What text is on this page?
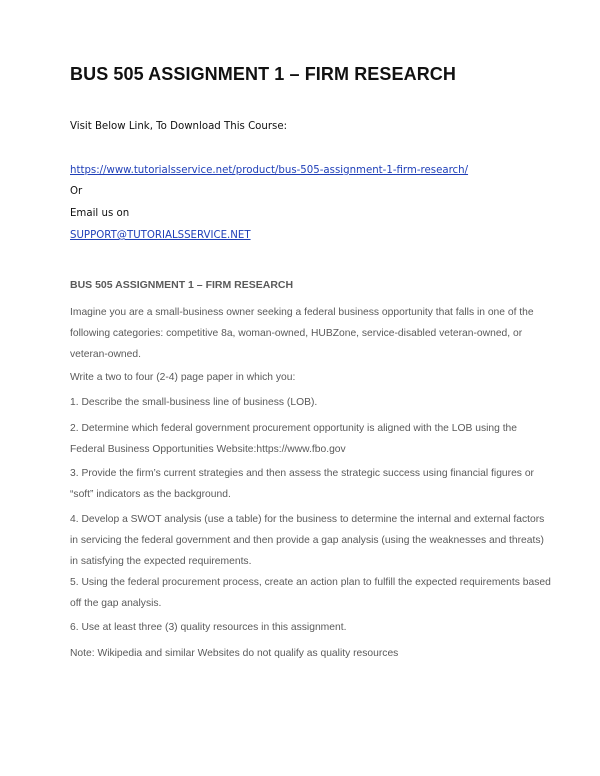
BUS 505 ASSIGNMENT 1 – FIRM RESEARCH
Visit Below Link, To Download This Course:
https://www.tutorialsservice.net/product/bus-505-assignment-1-firm-research/
Or
Email us on
SUPPORT@TUTORIALSSERVICE.NET
BUS 505 ASSIGNMENT 1 – FIRM RESEARCH
Imagine you are a small-business owner seeking a federal business opportunity that falls in one of the
following categories: competitive 8a, woman-owned, HUBZone, service-disabled veteran-owned, or
veteran-owned.
Write a two to four (2-4) page paper in which you:
1. Describe the small-business line of business (LOB).
2. Determine which federal government procurement opportunity is aligned with the LOB using the
Federal Business Opportunities Website:https://www.fbo.gov
3. Provide the firm’s current strategies and then assess the strategic success using financial figures or
“soft” indicators as the background.
4. Develop a SWOT analysis (use a table) for the business to determine the internal and external factors
in servicing the federal government and then provide a gap analysis (using the weaknesses and threats)
in satisfying the expected requirements.
5. Using the federal procurement process, create an action plan to fulfill the expected requirements based
off the gap analysis.
6. Use at least three (3) quality resources in this assignment.
Note: Wikipedia and similar Websites do not qualify as quality resources
